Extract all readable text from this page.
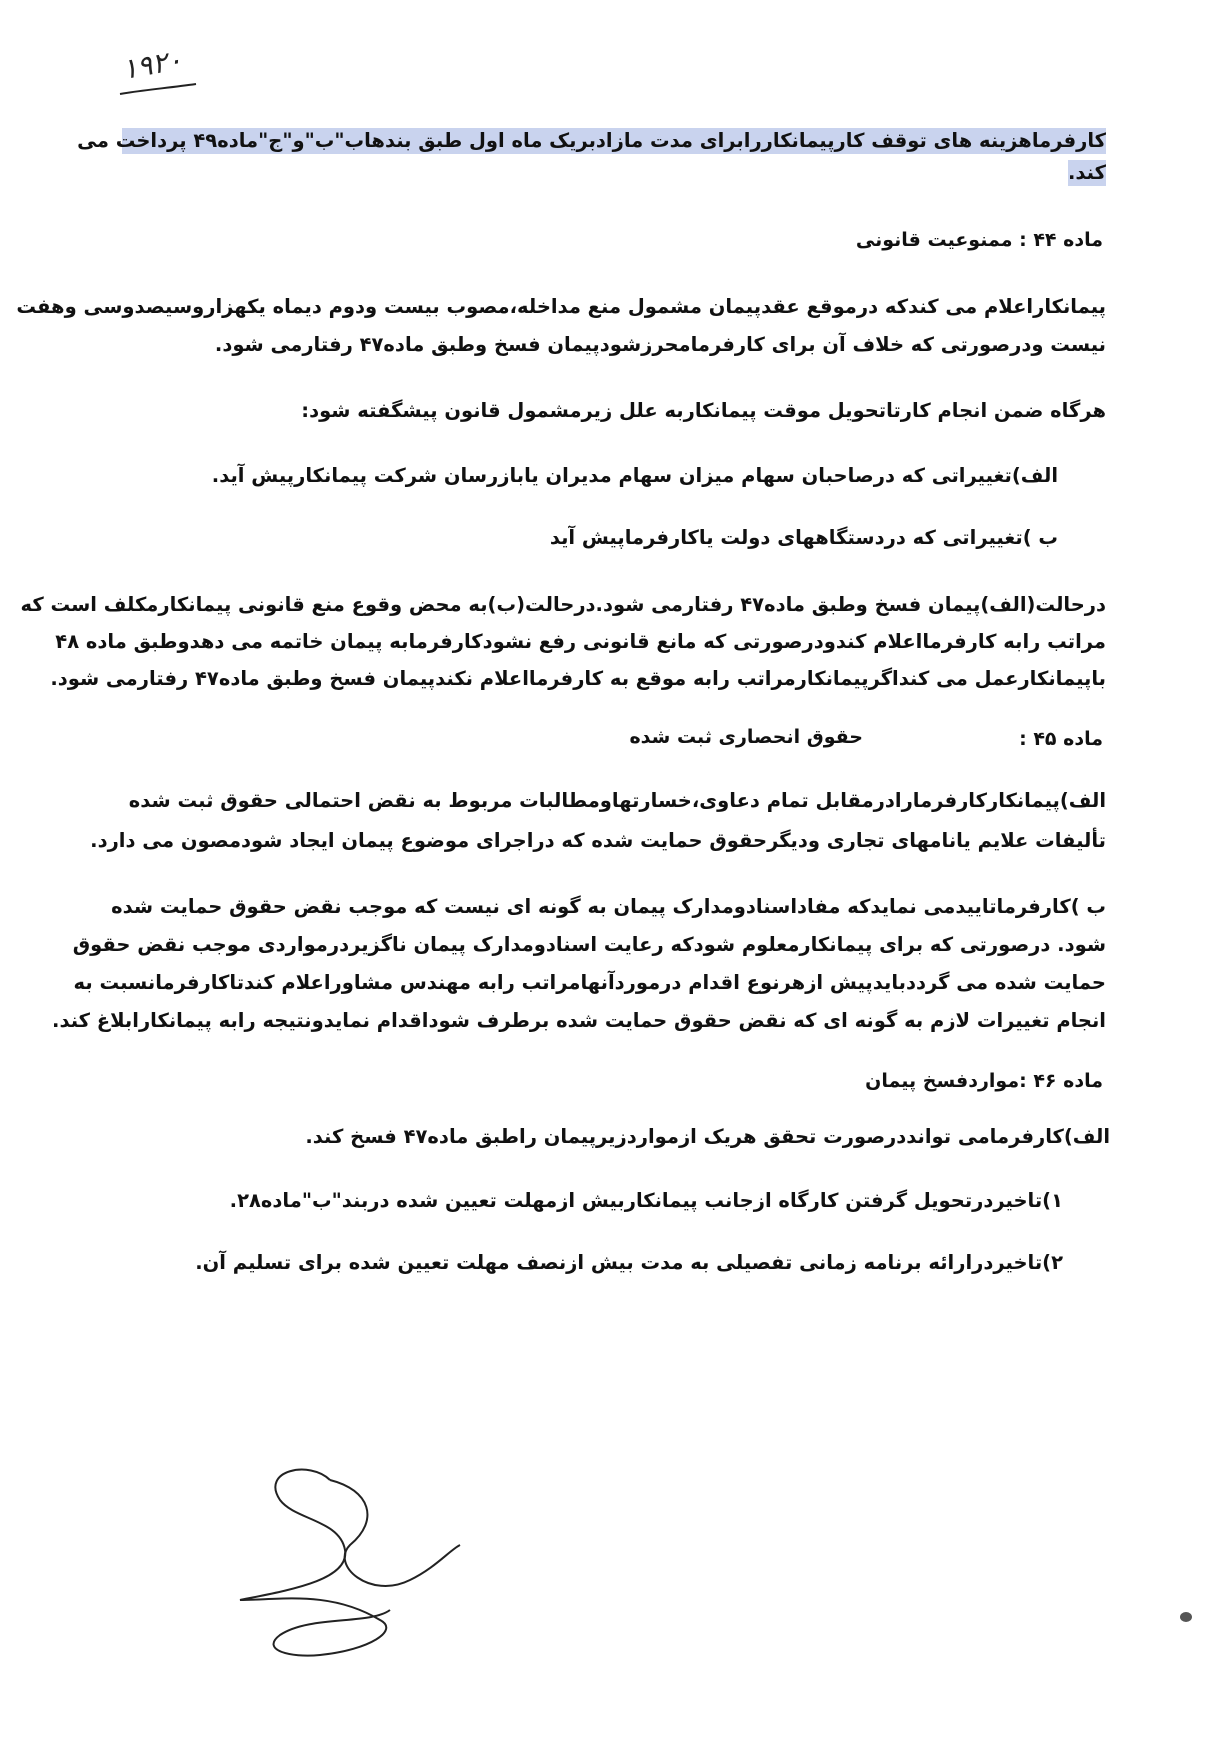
۱۹۲۰
کارفرماهزینه های توقف کارپیمانکاررابرای مدت مازادبریک ماه اول طبق بندهاب"ب"و"ج"ماده۴۹ پرداخت می
کند.
ماده ۴۴ : ممنوعیت قانونی
پیمانکاراعلام می کندکه درموقع عقدپیمان مشمول منع مداخله،مصوب بیست ودوم دیماه یکهزاروسیصدوسی وهفت
نیست ودرصورتی که خلاف آن برای کارفرمامحرزشودپیمان فسخ وطبق ماده۴۷ رفتارمی شود.
هرگاه ضمن انجام کارتاتحویل موقت پیمانکاربه علل زیرمشمول قانون پیشگفته شود:
الف)تغییراتی که درصاحبان سهام میزان سهام مدیران یابازرسان شرکت پیمانکارپیش آید.
ب )تغییراتی که دردستگاههای دولت یاکارفرماپیش آید
درحالت(الف)پیمان فسخ وطبق ماده۴۷ رفتارمی شود.درحالت(ب)به محض وقوع منع قانونی پیمانکارمکلف است که
مراتب رابه کارفرمااعلام کندودرصورتی که مانع قانونی رفع نشودکارفرمابه پیمان خاتمه می دهدوطبق ماده ۴۸
باپیمانکارعمل می کنداگرپیمانکارمراتب رابه موقع به کارفرمااعلام نکندپیمان فسخ وطبق ماده۴۷ رفتارمی شود.
ماده ۴۵ :
حقوق انحصاری ثبت شده
الف)پیمانکارکارفرمارادرمقابل تمام دعاوی،خسارتهاومطالبات مربوط به نقض احتمالی حقوق ثبت شده
تألیفات علایم یانامهای تجاری ودیگرحقوق حمایت شده که دراجرای موضوع پیمان ایجاد شودمصون می دارد.
ب )کارفرماتاییدمی نمایدکه مفاداسنادومدارک پیمان به گونه ای نیست که موجب نقض حقوق حمایت شده
شود. درصورتی که برای پیمانکارمعلوم شودکه رعایت اسنادومدارک پیمان ناگزیردرمواردی موجب نقض حقوق
حمایت شده می گرددبایدپیش ازهرنوع اقدام درموردآنهامراتب رابه مهندس مشاوراعلام کندتاکارفرمانسبت به
انجام تغییرات لازم به گونه ای که نقض حقوق حمایت شده برطرف شوداقدام نمایدونتیجه رابه پیمانکارابلاغ کند.
ماده ۴۶ :مواردفسخ پیمان
الف)کارفرمامی توانددرصورت تحقق هریک ازمواردزیرپیمان راطبق ماده۴۷ فسخ کند.
۱)تاخیردرتحویل گرفتن کارگاه ازجانب پیمانکاربیش ازمهلت تعیین شده دربند"ب"ماده۲۸.
۲)تاخیردرارائه برنامه زمانی تفصیلی به مدت بیش ازنصف مهلت تعیین شده برای تسلیم آن.
